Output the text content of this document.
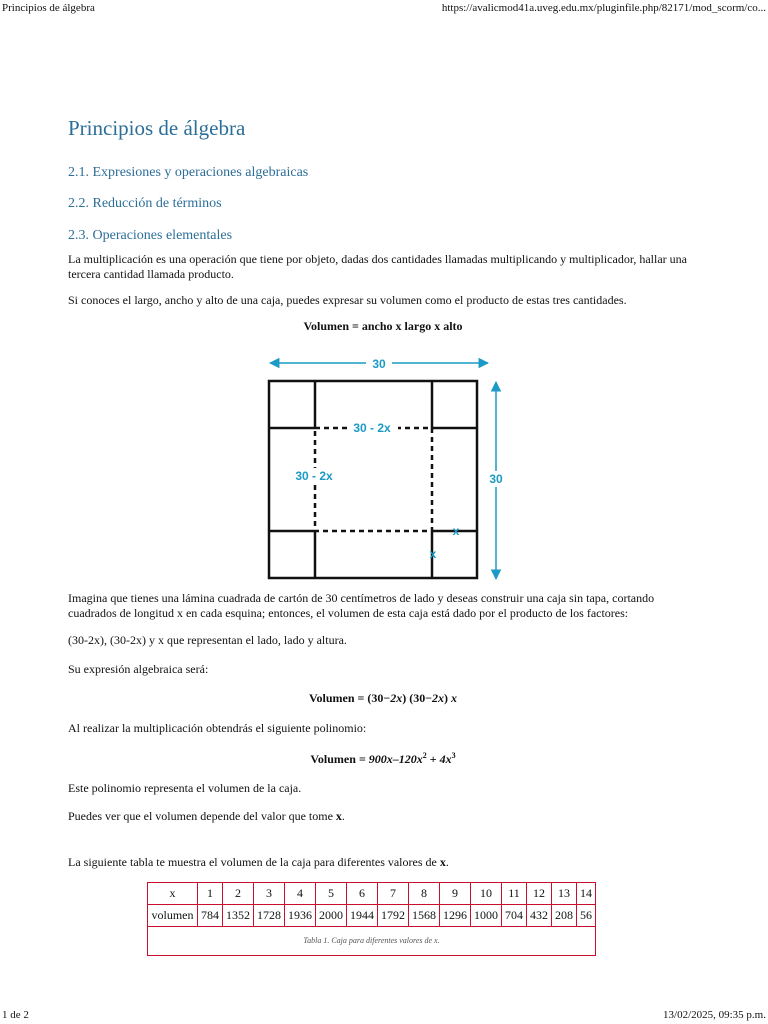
Principios de álgebra	https://avalicmod41a.uveg.edu.mx/pluginfile.php/82171/mod_scorm/co...
Principios de álgebra
2.1. Expresiones y operaciones algebraicas
2.2. Reducción de términos
2.3. Operaciones elementales

La multiplicación es una operación que tiene por objeto, dadas dos cantidades llamadas multiplicando y multiplicador, hallar una tercera cantidad llamada producto.

Si conoces el largo, ancho y alto de una caja, puedes expresar su volumen como el producto de estas tres cantidades.

Volumen = ancho x largo x alto
30
30
30 - 2x
30 - 2x
x
x

Imagina que tienes una lámina cuadrada de cartón de 30 centímetros de lado y deseas construir una caja sin tapa, cortando cuadrados de longitud x en cada esquina; entonces, el volumen de esta caja está dado por el producto de los factores:

(30-2x), (30-2x) y x que representan el lado, lado y altura.

Su expresión algebraica será:

Volumen = (30−2x) (30−2x) x

Al realizar la multiplicación obtendrás el siguiente polinomio:

Volumen = $900x-120x^2 + 4x^3$

Este polinomio representa el volumen de la caja.

Puedes ver que el volumen depende del valor que tome x.

La siguiente tabla te muestra el volumen de la caja para diferentes valores de x.

x	1	2	3	4	5	6	7	8	9	10	11	12	13	14
volumen	784	1352	1728	1936	2000	1944	1792	1568	1296	1000	704	432	208	56
Tabla 1. Caja para diferentes valores de x.														
1 de 2	13/02/2025, 09:35 p.m.
